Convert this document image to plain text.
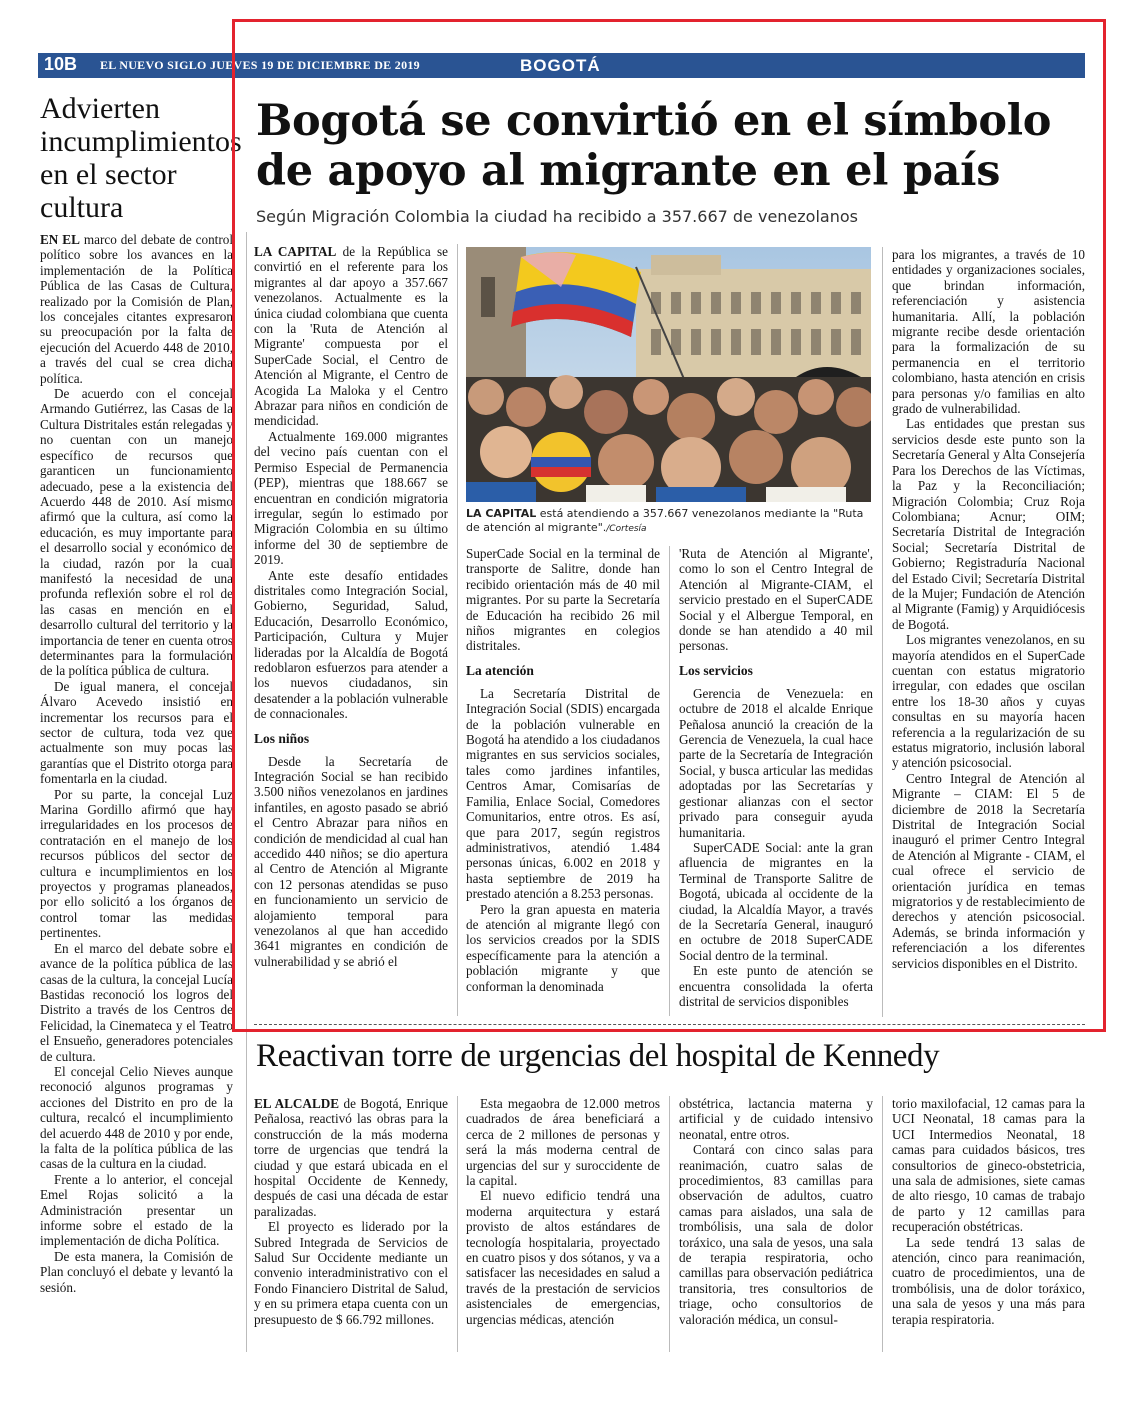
10B EL NUEVO SIGLO JUEVES 19 DE DICIEMBRE DE 2019	BOGOTÁ
Advierten incumplimientos en el sector cultura

EN EL marco del debate de control político sobre los avances en la implementación de la Política Pública de las Casas de Cultura, realizado por la Comisión de Plan, los concejales citantes expresaron su preocupación por la falta de ejecución del Acuerdo 448 de 2010, a través del cual se crea dicha política.

De acuerdo con el concejal Armando Gutiérrez, las Casas de la Cultura Distritales están relegadas y no cuentan con un manejo específico de recursos que garanticen un funcionamiento adecuado, pese a la existencia del Acuerdo 448 de 2010. Así mismo afirmó que la cultura, así como la educación, es muy importante para el desarrollo social y económico de la ciudad, razón por la cual manifestó la necesidad de una profunda reflexión sobre el rol de las casas en mención en el desarrollo cultural del territorio y la importancia de tener en cuenta otros determinantes para la formulación de la política pública de cultura.

De igual manera, el concejal Álvaro Acevedo insistió en incrementar los recursos para el sector de cultura, toda vez que actualmente son muy pocas las garantías que el Distrito otorga para fomentarla en la ciudad.

Por su parte, la concejal Luz Marina Gordillo afirmó que hay irregularidades en los procesos de contratación en el manejo de los recursos públicos del sector de cultura e incumplimientos en los proyectos y programas planeados, por ello solicitó a los órganos de control tomar las medidas pertinentes.

En el marco del debate sobre el avance de la política pública de las casas de la cultura, la concejal Lucía Bastidas reconoció los logros del Distrito a través de los Centros de Felicidad, la Cinemateca y el Teatro el Ensueño, generadores potenciales de cultura.

El concejal Celio Nieves aunque reconoció algunos programas y acciones del Distrito en pro de la cultura, recalcó el incumplimiento del acuerdo 448 de 2010 y por ende, la falta de la política pública de las casas de la cultura en la ciudad.

Frente a lo anterior, el concejal Emel Rojas solicitó a la Administración presentar un informe sobre el estado de la implementación de dicha Política.

De esta manera, la Comisión de Plan concluyó el debate y levantó la sesión.

Bogotá se convirtió en el símbolo de apoyo al migrante en el país
Según Migración Colombia la ciudad ha recibido a 357.667 de venezolanos

LA CAPITAL de la República se convirtió en el referente para los migrantes al dar apoyo a 357.667 venezolanos. Actualmente es la única ciudad colombiana que cuenta con la 'Ruta de Atención al Migrante' compuesta por el SuperCade Social, el Centro de Atención al Migrante, el Centro de Acogida La Maloka y el Centro Abrazar para niños en condición de mendicidad.

Actualmente 169.000 migrantes del vecino país cuentan con el Permiso Especial de Permanencia (PEP), mientras que 188.667 se encuentran en condición migratoria irregular, según lo estimado por Migración Colombia en su último informe del 30 de septiembre de 2019.

Ante este desafío entidades distritales como Integración Social, Gobierno, Seguridad, Salud, Educación, Desarrollo Económico, Participación, Cultura y Mujer lideradas por la Alcaldía de Bogotá redoblaron esfuerzos para atender a los nuevos ciudadanos, sin desatender a la población vulnerable de connacionales.

Los niños

Desde la Secretaría de Integración Social se han recibido 3.500 niños venezolanos en jardines infantiles, en agosto pasado se abrió el Centro Abrazar para niños en condición de mendicidad al cual han accedido 440 niños; se dio apertura al Centro de Atención al Migrante con 12 personas atendidas se puso en funcionamiento un servicio de alojamiento temporal para venezolanos al que han accedido 3641 migrantes en condición de vulnerabilidad y se abrió el

LA CAPITAL está atendiendo a 357.667 venezolanos mediante la "Ruta de atención al migrante"./Cortesía

SuperCade Social en la terminal de transporte de Salitre, donde han recibido orientación más de 40 mil migrantes. Por su parte la Secretaría de Educación ha recibido 26 mil niños migrantes en colegios distritales.

La atención

La Secretaría Distrital de Integración Social (SDIS) encargada de la población vulnerable en Bogotá ha atendido a los ciudadanos migrantes en sus servicios sociales, tales como jardines infantiles, Centros Amar, Comisarías de Familia, Enlace Social, Comedores Comunitarios, entre otros. Es así, que para 2017, según registros administrativos, atendió 1.484 personas únicas, 6.002 en 2018 y hasta septiembre de 2019 ha prestado atención a 8.253 personas.

Pero la gran apuesta en materia de atención al migrante llegó con los servicios creados por la SDIS específicamente para la atención a población migrante y que conforman la denominada

'Ruta de Atención al Migrante', como lo son el Centro Integral de Atención al Migrante-CIAM, el servicio prestado en el SuperCADE Social y el Albergue Temporal, en donde se han atendido a 40 mil personas.

Los servicios

Gerencia de Venezuela: en octubre de 2018 el alcalde Enrique Peñalosa anunció la creación de la Gerencia de Venezuela, la cual hace parte de la Secretaría de Integración Social, y busca articular las medidas adoptadas por las Secretarías y gestionar alianzas con el sector privado para conseguir ayuda humanitaria.

SuperCADE Social: ante la gran afluencia de migrantes en la Terminal de Transporte Salitre de Bogotá, ubicada al occidente de la ciudad, la Alcaldía Mayor, a través de la Secretaría General, inauguró en octubre de 2018 SuperCADE Social dentro de la terminal.

En este punto de atención se encuentra consolidada la oferta distrital de servicios disponibles

para los migrantes, a través de 10 entidades y organizaciones sociales, que brindan información, referenciación y asistencia humanitaria. Allí, la población migrante recibe desde orientación para la formalización de su permanencia en el territorio colombiano, hasta atención en crisis para personas y/o familias en alto grado de vulnerabilidad.

Las entidades que prestan sus servicios desde este punto son la Secretaría General y Alta Consejería Para los Derechos de las Víctimas, la Paz y la Reconciliación; Migración Colombia; Cruz Roja Colombiana; Acnur; OIM; Secretaría Distrital de Integración Social; Secretaría Distrital de Gobierno; Registraduría Nacional del Estado Civil; Secretaría Distrital de la Mujer; Fundación de Atención al Migrante (Famig) y Arquidiócesis de Bogotá.

Los migrantes venezolanos, en su mayoría atendidos en el SuperCade cuentan con estatus migratorio irregular, con edades que oscilan entre los 18-30 años y cuyas consultas en su mayoría hacen referencia a la regularización de su estatus migratorio, inclusión laboral y atención psicosocial.

Centro Integral de Atención al Migrante – CIAM: El 5 de diciembre de 2018 la Secretaría Distrital de Integración Social inauguró el primer Centro Integral de Atención al Migrante - CIAM, el cual ofrece el servicio de orientación jurídica en temas migratorios y de restablecimiento de derechos y atención psicosocial. Además, se brinda información y referenciación a los diferentes servicios disponibles en el Distrito.

Reactivan torre de urgencias del hospital de Kennedy

EL ALCALDE de Bogotá, Enrique Peñalosa, reactivó las obras para la construcción de la más moderna torre de urgencias que tendrá la ciudad y que estará ubicada en el hospital Occidente de Kennedy, después de casi una década de estar paralizadas.

El proyecto es liderado por la Subred Integrada de Servicios de Salud Sur Occidente mediante un convenio interadministrativo con el Fondo Financiero Distrital de Salud, y en su primera etapa cuenta con un presupuesto de $ 66.792 millones.

Esta megaobra de 12.000 metros cuadrados de área beneficiará a cerca de 2 millones de personas y será la más moderna central de urgencias del sur y suroccidente de la capital.

El nuevo edificio tendrá una moderna arquitectura y estará provisto de altos estándares de tecnología hospitalaria, proyectado en cuatro pisos y dos sótanos, y va a satisfacer las necesidades en salud a través de la prestación de servicios asistenciales de emergencias, urgencias médicas, atención

obstétrica, lactancia materna y artificial y de cuidado intensivo neonatal, entre otros.

Contará con cinco salas para reanimación, cuatro salas de procedimientos, 83 camillas para observación de adultos, cuatro camas para aislados, una sala de trombólisis, una sala de dolor toráxico, una sala de yesos, una sala de terapia respiratoria, ocho camillas para observación pediátrica transitoria, tres consultorios de triage, ocho consultorios de valoración médica, un consul-

torio maxilofacial, 12 camas para la UCI Neonatal, 18 camas para la UCI Intermedios Neonatal, 18 camas para cuidados básicos, tres consultorios de gineco-obstetricia, una sala de admisiones, siete camas de alto riesgo, 10 camas de trabajo de parto y 12 camillas para recuperación obstétricas.

La sede tendrá 13 salas de atención, cinco para reanimación, cuatro de procedimientos, una de trombólisis, una de dolor toráxico, una sala de yesos y una más para terapia respiratoria.
